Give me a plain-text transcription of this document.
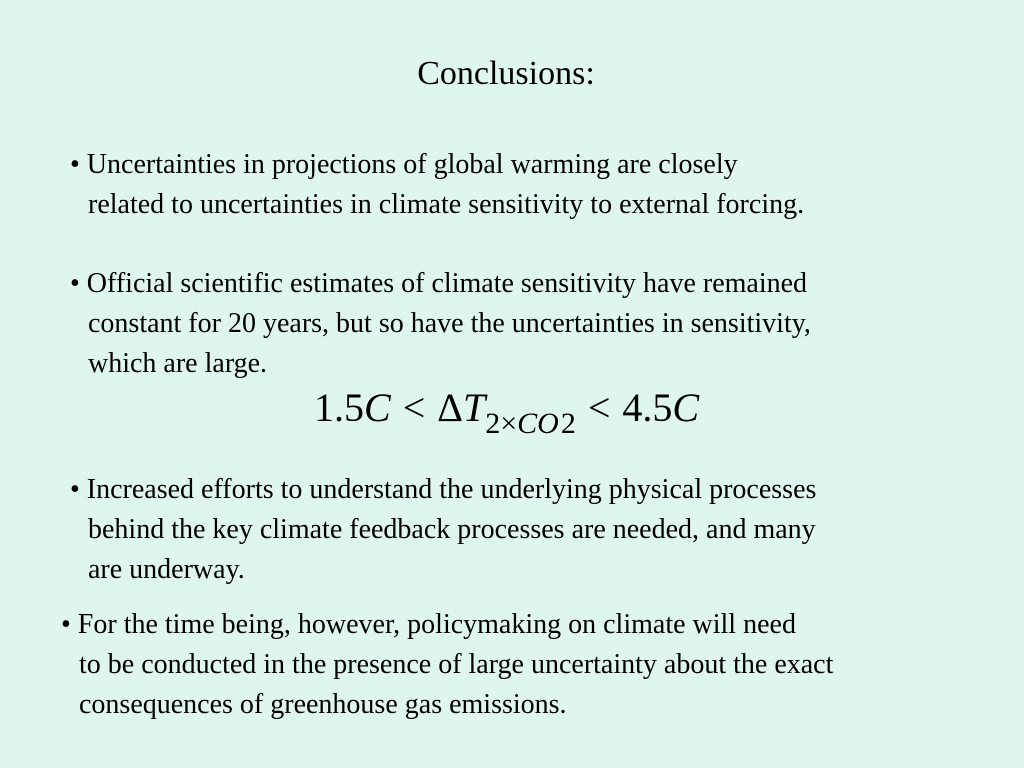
Conclusions:
• Uncertainties in projections of global warming are closely
related to uncertainties in climate sensitivity to external forcing.
• Official scientific estimates of climate sensitivity have remained
constant for 20 years, but so have the uncertainties in sensitivity,
which are large.
$1.5C < \Delta T_{2\times CO2} < 4.5C$
• Increased efforts to understand the underlying physical processes
behind the key climate feedback processes are needed, and many
are underway.
• For the time being, however, policymaking on climate will need
to be conducted in the presence of large uncertainty about the exact
consequences of greenhouse gas emissions.
